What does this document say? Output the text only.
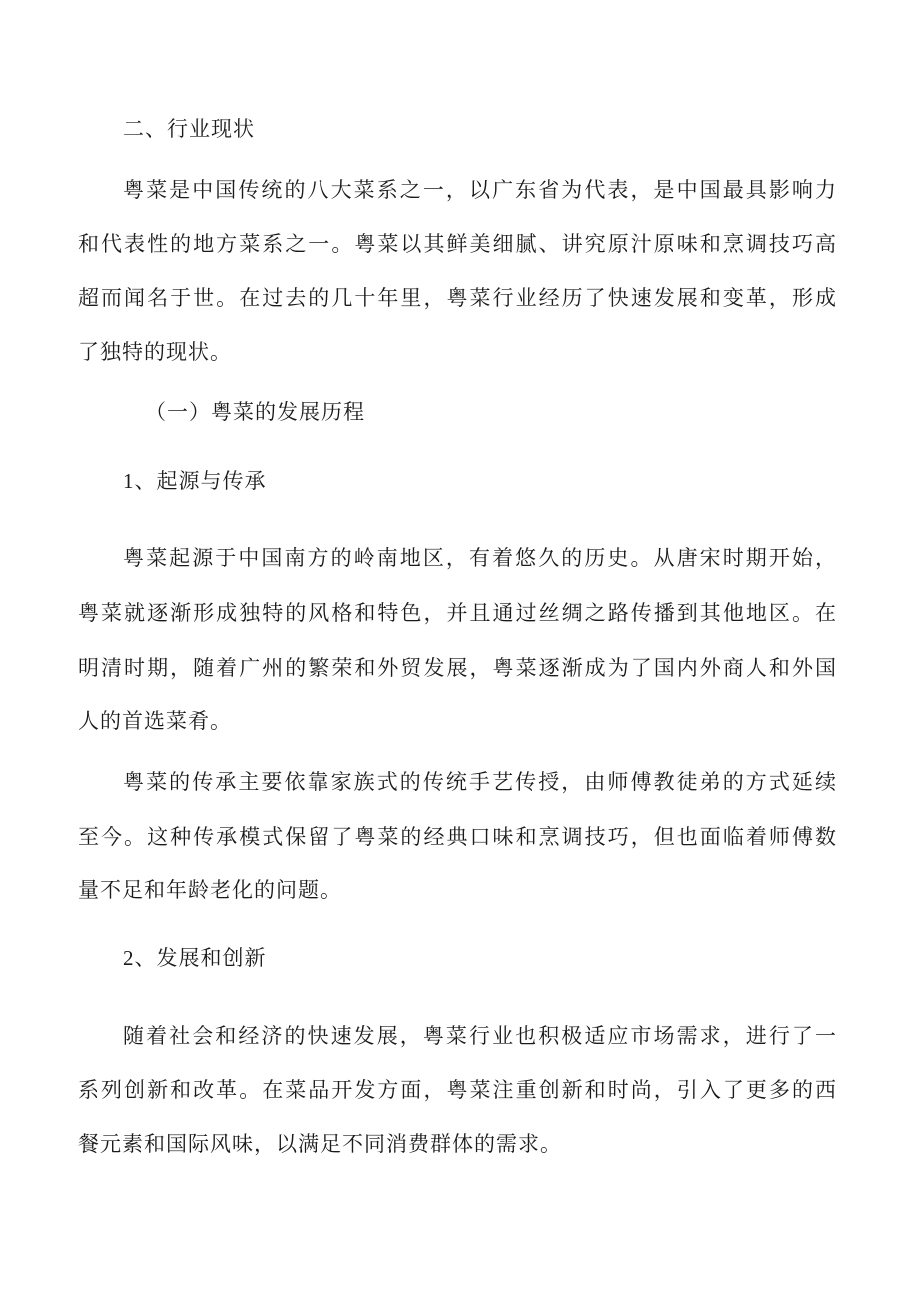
二、行业现状
粤菜是中国传统的八大菜系之一，以广东省为代表，是中国最具影响力
和代表性的地方菜系之一。粤菜以其鲜美细腻、讲究原汁原味和烹调技巧高
超而闻名于世。在过去的几十年里，粤菜行业经历了快速发展和变革，形成
了独特的现状。
（一）粤菜的发展历程
1、起源与传承
粤菜起源于中国南方的岭南地区，有着悠久的历史。从唐宋时期开始，
粤菜就逐渐形成独特的风格和特色，并且通过丝绸之路传播到其他地区。在
明清时期，随着广州的繁荣和外贸发展，粤菜逐渐成为了国内外商人和外国
人的首选菜肴。
粤菜的传承主要依靠家族式的传统手艺传授，由师傅教徒弟的方式延续
至今。这种传承模式保留了粤菜的经典口味和烹调技巧，但也面临着师傅数
量不足和年龄老化的问题。
2、发展和创新
随着社会和经济的快速发展，粤菜行业也积极适应市场需求，进行了一
系列创新和改革。在菜品开发方面，粤菜注重创新和时尚，引入了更多的西
餐元素和国际风味，以满足不同消费群体的需求。
